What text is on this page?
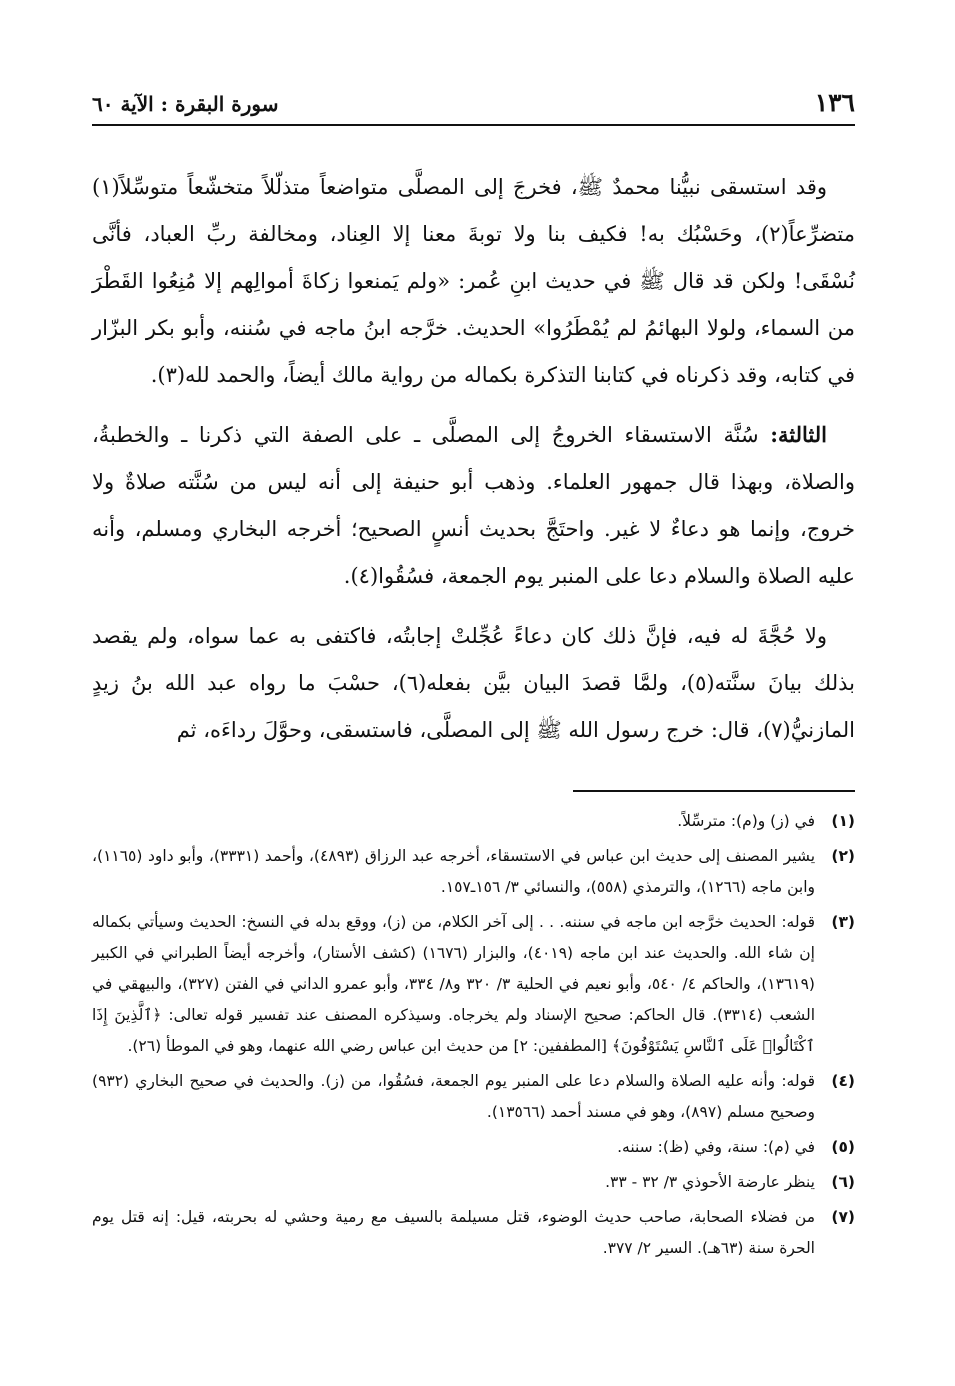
١٣٦
سورة البقرة : الآية ٦٠

وقد استسقى نبيُّنا محمدٌ ﷺ، فخرجَ إلى المصلَّى متواضعاً متذلّلاً متخشّعاً متوسِّلاً(١) متضرِّعاً(٢)، وحَسْبُك به! فكيف بنا ولا توبةَ معنا إلا العِناد، ومخالفة ربِّ العباد، فأنَّى نُسْقَى! ولكن قد قال ﷺ في حديث ابنِ عُمر: «ولم يَمنعوا زكاةَ أموالِهم إلا مُنِعُوا القَطْرَ من السماء، ولولا البهائمُ لم يُمْطَرُوا» الحديث. خرَّجه ابنُ ماجه في سُننه، وأبو بكر البزّار في كتابه، وقد ذكرناه في كتابنا التذكرة بكماله من رواية مالك أيضاً، والحمد لله(٣).

الثالثة: سُنَّة الاستسقاء الخروجُ إلى المصلَّى ـ على الصفة التي ذكرنا ـ والخطبةُ، والصلاة، وبهذا قال جمهور العلماء. وذهب أبو حنيفة إلى أنه ليس من سُنَّته صلاةٌ ولا خروج، وإنما هو دعاءٌ لا غير. واحتَجَّ بحديث أنسٍ الصحيح؛ أخرجه البخاري ومسلم، وأنه عليه الصلاة والسلام دعا على المنبر يوم الجمعة، فسُقُوا(٤).

ولا حُجَّةَ له فيه، فإنَّ ذلك كان دعاءً عُجِّلتْ إجابتُه، فاكتفى به عما سواه، ولم يقصد بذلك بيانَ سنَّته(٥)، ولمَّا قصدَ البيان بيَّن بفعله(٦)، حسْبَ ما رواه عبد الله بنُ زيدٍ المازنيُّ(٧)، قال: خرج رسول الله ﷺ إلى المصلَّى، فاستسقى، وحوَّلَ رداءَه، ثم

(١)
في (ز) و(م): مترسِّلاً.
(٢)
يشير المصنف إلى حديث ابن عباس في الاستسقاء، أخرجه عبد الرزاق (٤٨٩٣)، وأحمد (٣٣٣١)، وأبو داود (١١٦٥)، وابن ماجه (١٢٦٦)، والترمذي (٥٥٨)، والنسائي ٣/ ١٥٦ـ١٥٧.
(٣)
قوله: الحديث خرَّجه ابن ماجه في سننه. . . إلى آخر الكلام، من (ز)، ووقع بدله في النسخ: الحديث وسيأتي بكماله إن شاء الله. والحديث عند ابن ماجه (٤٠١٩)، والبزار (١٦٧٦) (كشف الأستار)، وأخرجه أيضاً الطبراني في الكبير (١٣٦١٩)، والحاكم ٤/ ٥٤٠، وأبو نعيم في الحلية ٣/ ٣٢٠ و٨/ ٣٣٤، وأبو عمرو الداني في الفتن (٣٢٧)، والبيهقي في الشعب (٣٣١٤). قال الحاكم: صحيح الإسناد ولم يخرجاه. وسيذكره المصنف عند تفسير قوله تعالى: ﴿ٱلَّذِينَ إِذَا ٱكْتَالُوا۟ عَلَى ٱلنَّاسِ يَسْتَوْفُونَ﴾ [المطففين: ٢] من حديث ابن عباس رضي الله عنهما، وهو في الموطأ (٢٦).
(٤)
قوله: وأنه عليه الصلاة والسلام دعا على المنبر يوم الجمعة، فسُقُوا، من (ز). والحديث في صحيح البخاري (٩٣٢) وصحيح مسلم (٨٩٧)، وهو في مسند أحمد (١٣٥٦٦).
(٥)
في (م): سنة، وفي (ظ): سننه.
(٦)
ينظر عارضة الأحوذي ٣/ ٣٢ - ٣٣.
(٧)
من فضلاء الصحابة، صاحب حديث الوضوء، قتل مسيلمة بالسيف مع رمية وحشي له بحربته، قيل: إنه قتل يوم الحرة سنة (٦٣هـ). السير ٢/ ٣٧٧.
